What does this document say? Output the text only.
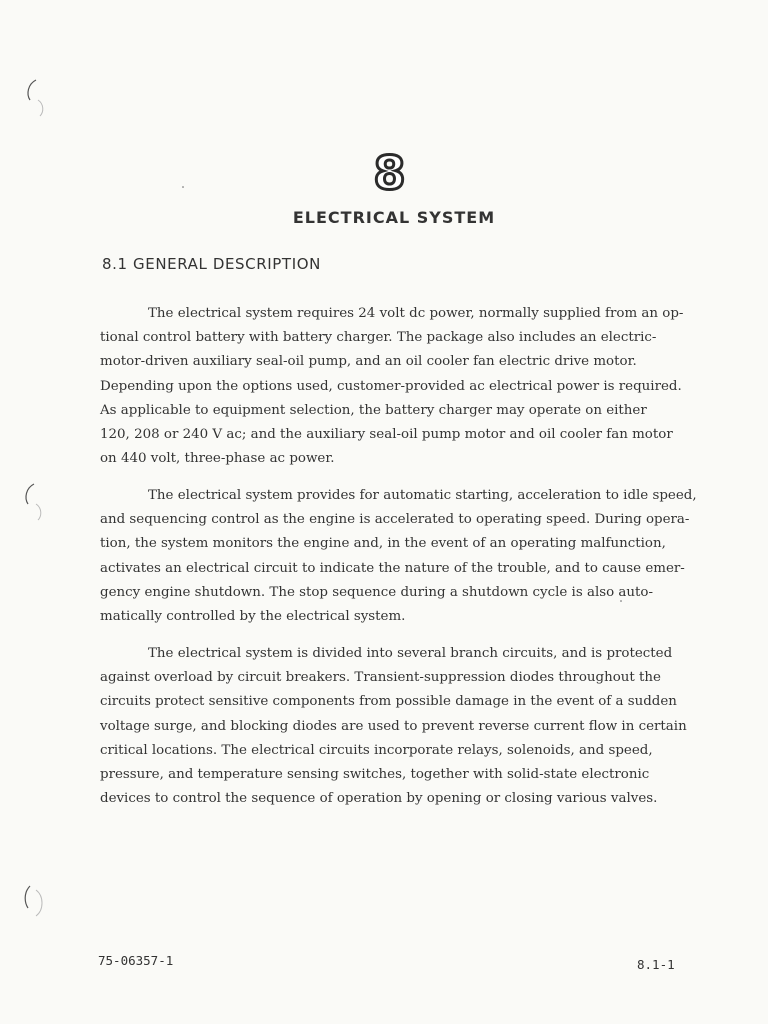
8
ELECTRICAL SYSTEM
8.1 GENERAL DESCRIPTION
The electrical system requires 24 volt dc power, normally supplied from an op-
tional control battery with battery charger. The package also includes an electric-
motor-driven auxiliary seal-oil pump, and an oil cooler fan electric drive motor.
Depending upon the options used, customer-provided ac electrical power is required.
As applicable to equipment selection, the battery charger may operate on either
120, 208 or 240 V ac; and the auxiliary seal-oil pump motor and oil cooler fan motor
on 440 volt, three-phase ac power.
The electrical system provides for automatic starting, acceleration to idle speed,
and sequencing control as the engine is accelerated to operating speed. During opera-
tion, the system monitors the engine and, in the event of an operating malfunction,
activates an electrical circuit to indicate the nature of the trouble, and to cause emer-
gency engine shutdown. The stop sequence during a shutdown cycle is also auto-
matically controlled by the electrical system.
The electrical system is divided into several branch circuits, and is protected
against overload by circuit breakers. Transient-suppression diodes throughout the
circuits protect sensitive components from possible damage in the event of a sudden
voltage surge, and blocking diodes are used to prevent reverse current flow in certain
critical locations. The electrical circuits incorporate relays, solenoids, and speed,
pressure, and temperature sensing switches, together with solid-state electronic
devices to control the sequence of operation by opening or closing various valves.
75-06357-1	8.1-1
